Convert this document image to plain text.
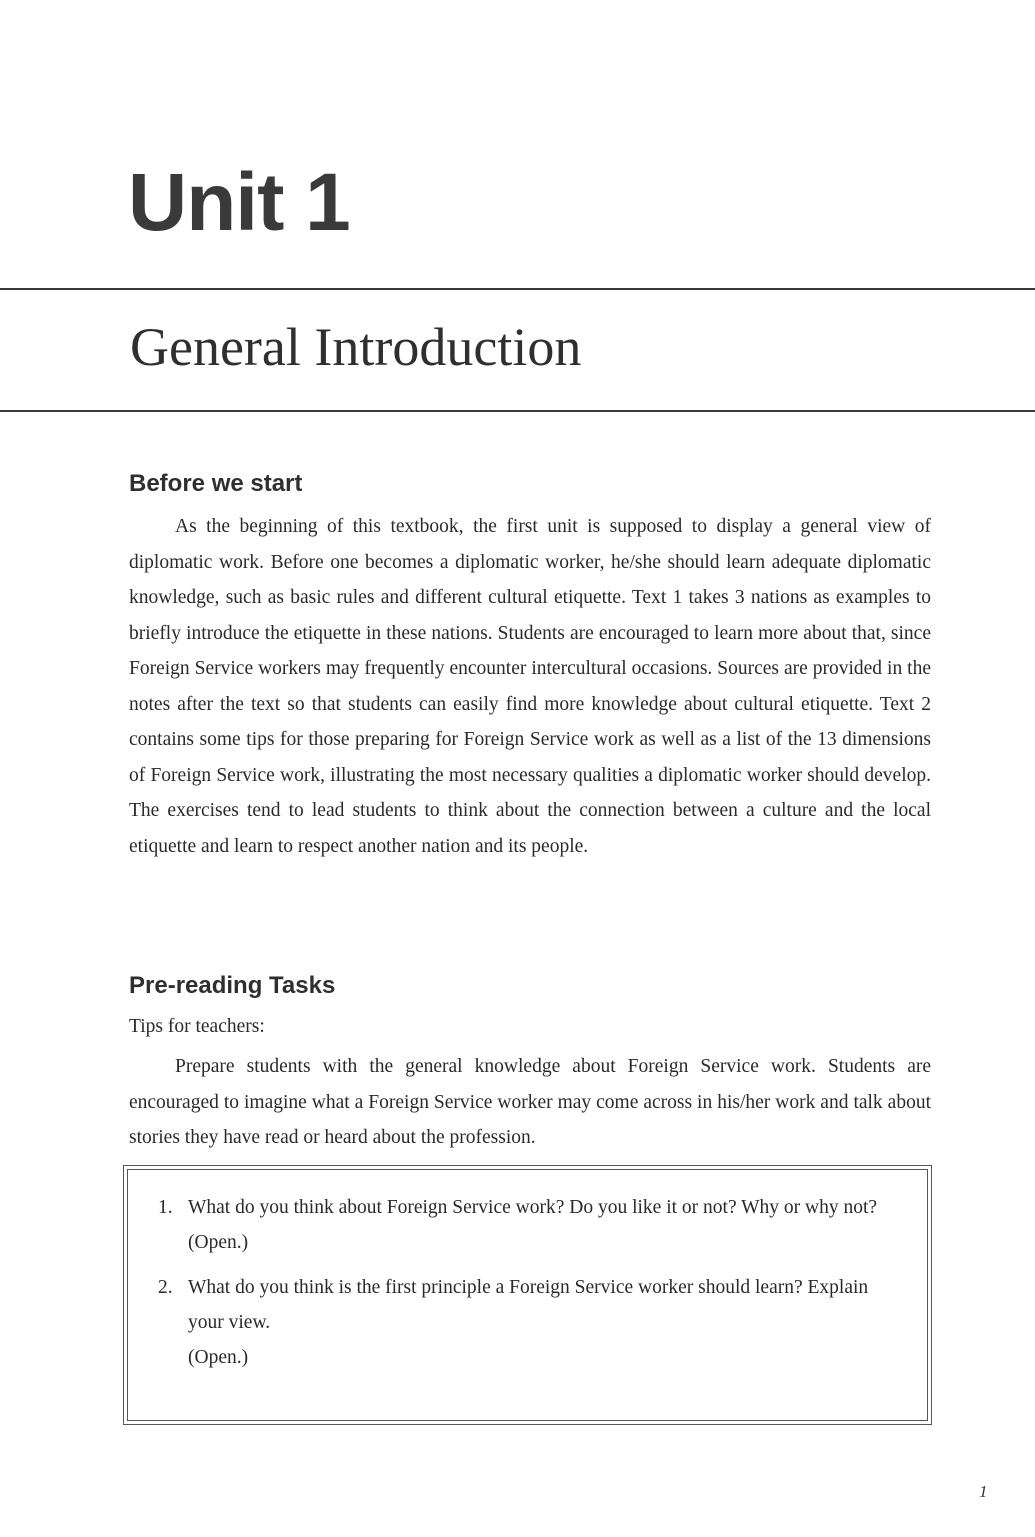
Unit 1
General Introduction
Before we start

As the beginning of this textbook, the first unit is supposed to display a general view of diplomatic work. Before one becomes a diplomatic worker, he/she should learn adequate diplomatic knowledge, such as basic rules and different cultural etiquette. Text 1 takes 3 nations as examples to briefly introduce the etiquette in these nations. Students are encouraged to learn more about that, since Foreign Service workers may frequently encounter intercultural occasions. Sources are provided in the notes after the text so that students can easily find more knowledge about cultural etiquette. Text 2 contains some tips for those preparing for Foreign Service work as well as a list of the 13 dimensions of Foreign Service work, illustrating the most necessary qualities a diplomatic worker should develop. The exercises tend to lead students to think about the connection between a culture and the local etiquette and learn to respect another nation and its people.

Pre-reading Tasks
Tips for teachers:

Prepare students with the general knowledge about Foreign Service work. Students are encouraged to imagine what a Foreign Service worker may come across in his/her work and talk about stories they have read or heard about the profession.

1. What do you think about Foreign Service work? Do you like it or not? Why or why not?
(Open.)
2. What do you think is the first principle a Foreign Service worker should learn? Explain your view.
(Open.)
1
